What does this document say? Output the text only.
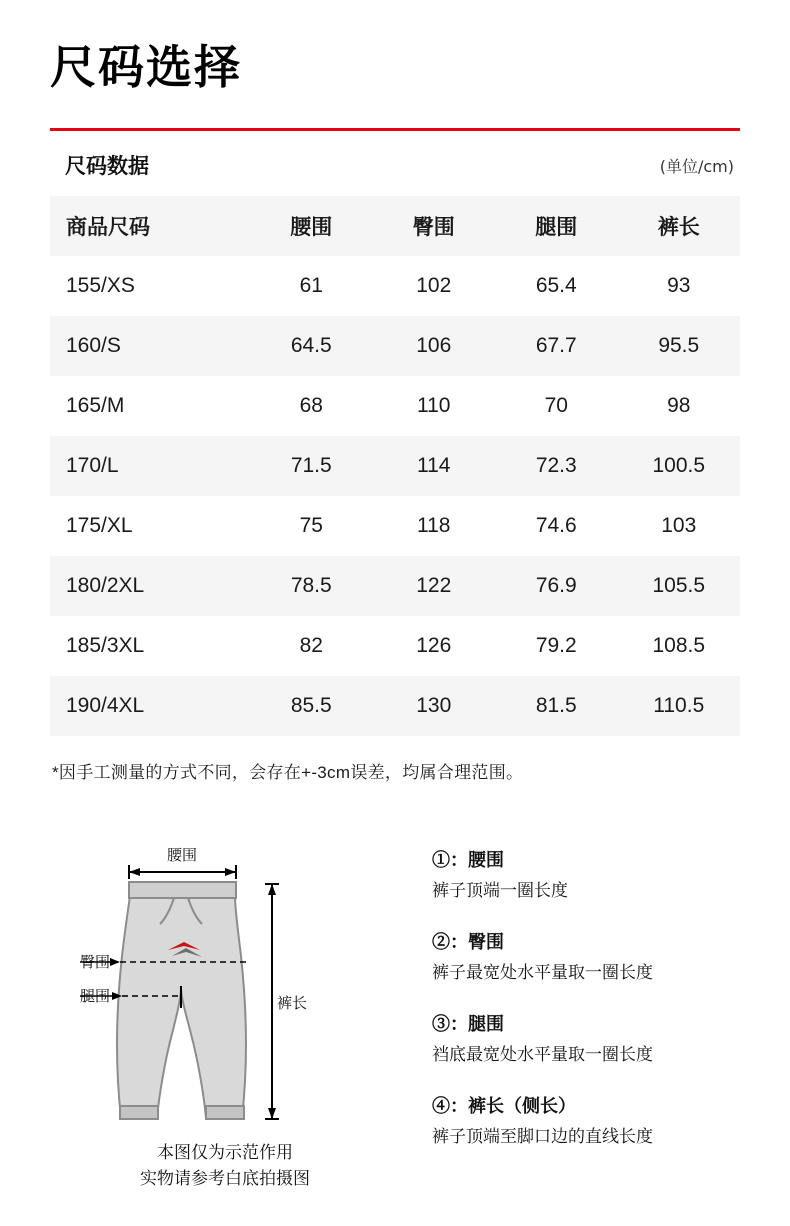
尺码选择
尺码数据	(单位/cm)
商品尺码	腰围	臀围	腿围	裤长
155/XS	61	102	65.4	93
160/S	64.5	106	67.7	95.5
165/M	68	110	70	98
170/L	71.5	114	72.3	100.5
175/XL	75	118	74.6	103
180/2XL	78.5	122	76.9	105.5
185/3XL	82	126	79.2	108.5
190/4XL	85.5	130	81.5	110.5
*因手工测量的方式不同，会存在+-3cm误差，均属合理范围。
腰围
臀围
腿围	裤长
本图仅为示范作用
实物请参考白底拍摄图
①：腰围
裤子顶端一圈长度
②：臀围
裤子最宽处水平量取一圈长度
③：腿围
裆底最宽处水平量取一圈长度
④：裤长（侧长）
裤子顶端至脚口边的直线长度
